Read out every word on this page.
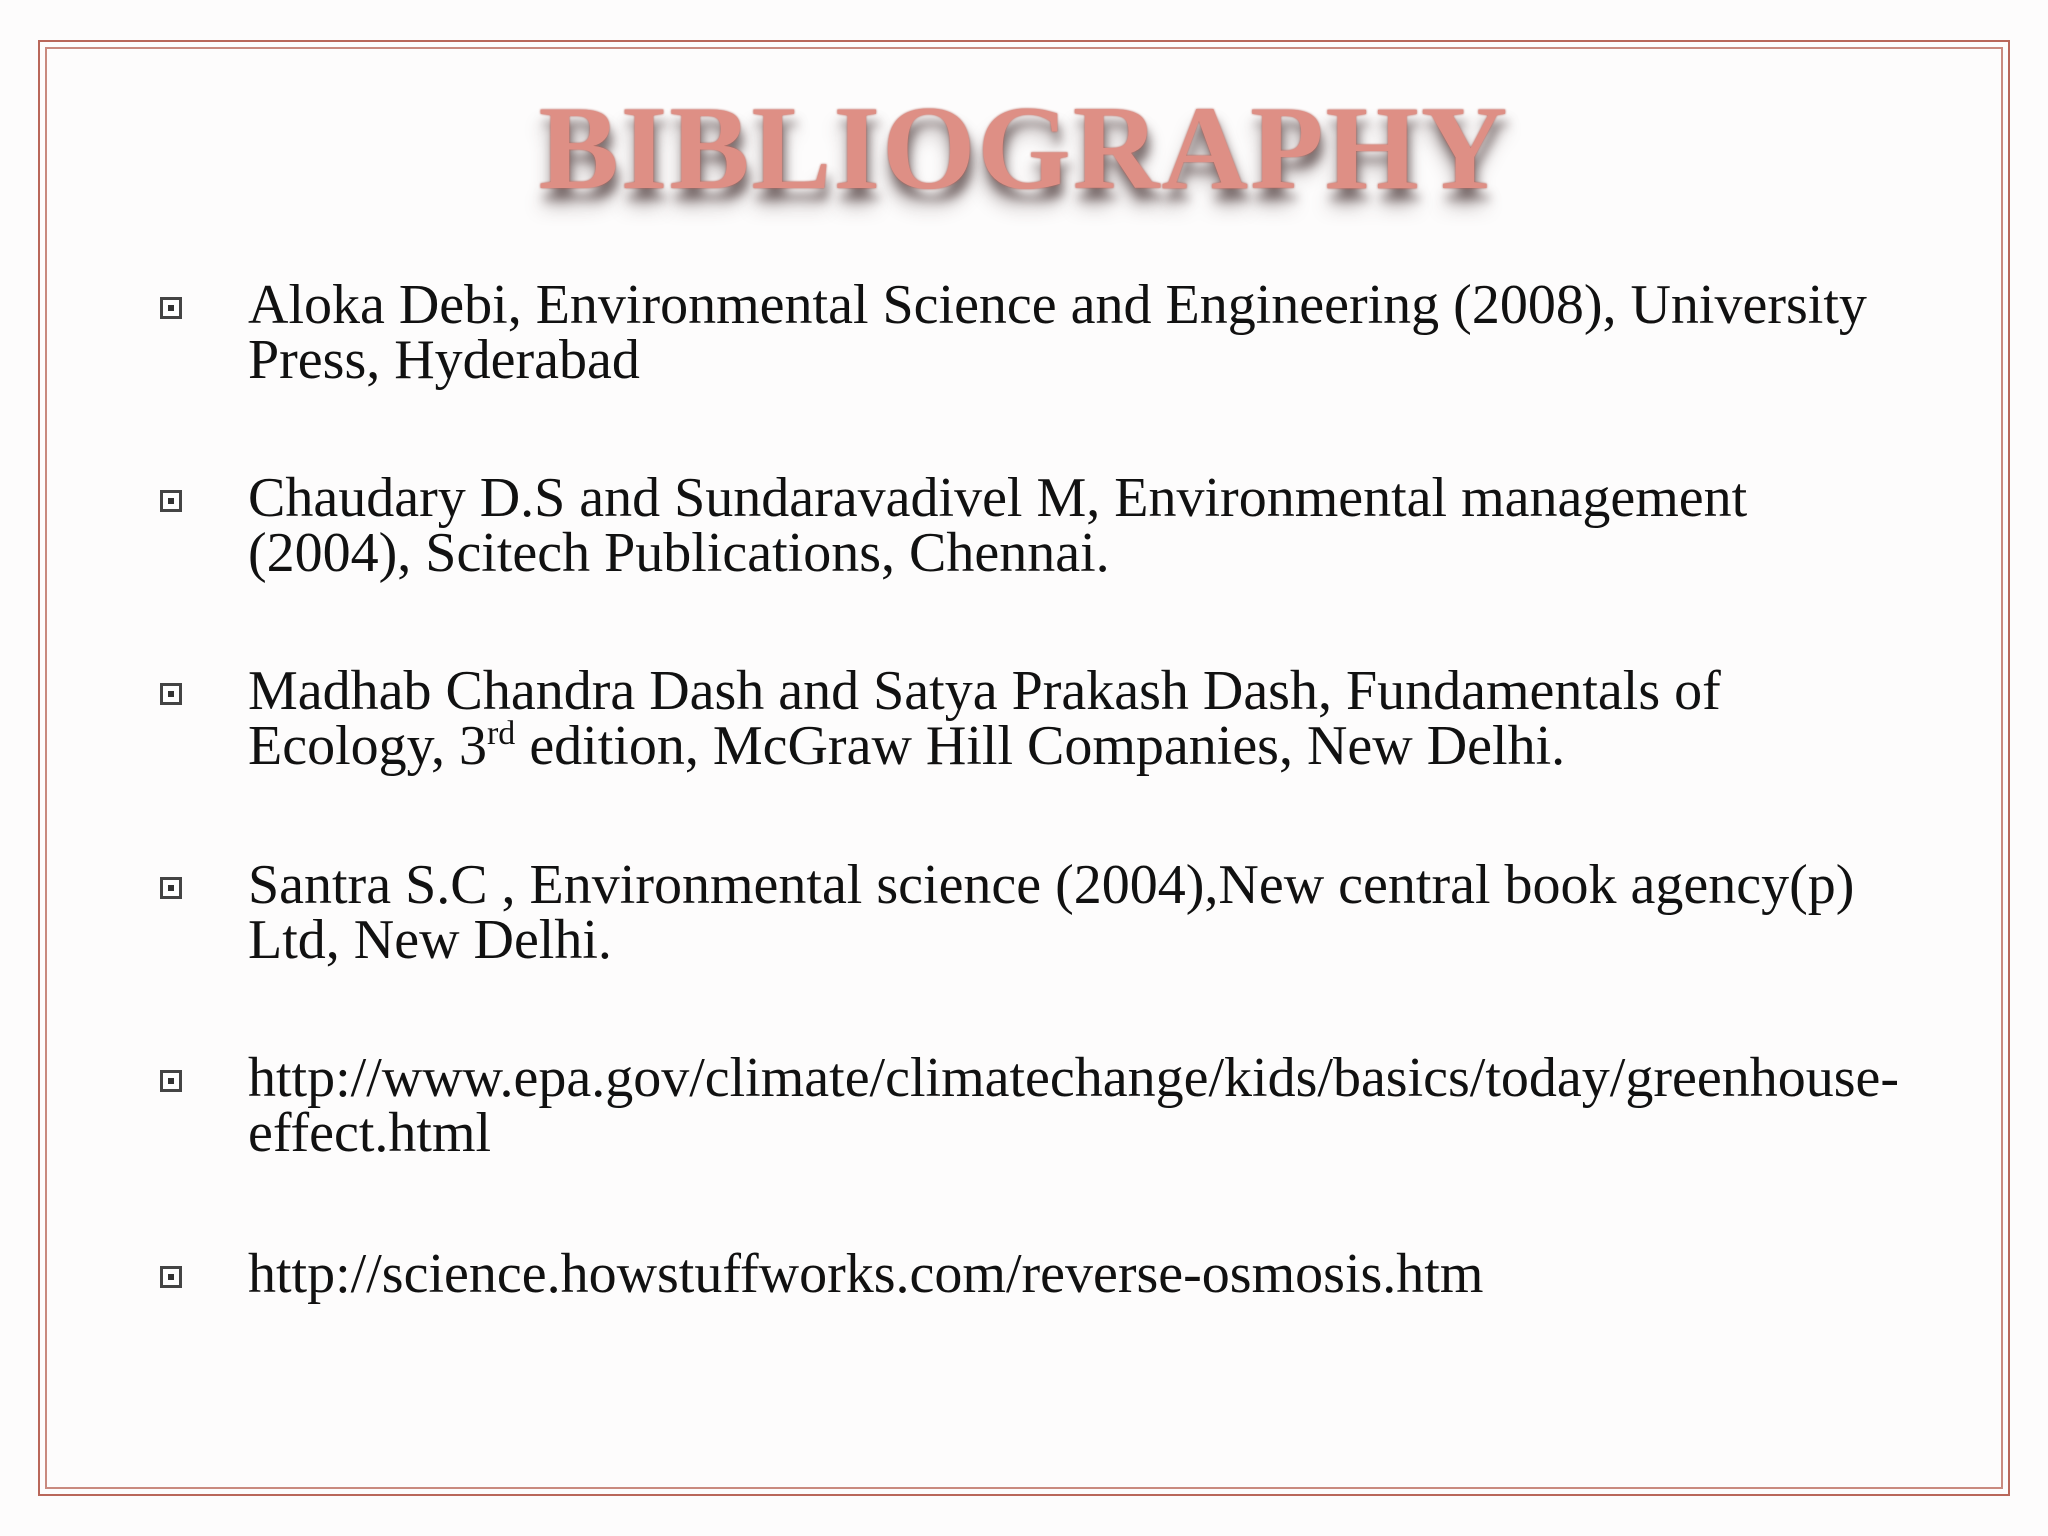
BIBLIOGRAPHY
Aloka Debi, Environmental Science and Engineering (2008), University
Press, Hyderabad
Chaudary D.S and Sundaravadivel M, Environmental management
(2004), Scitech Publications, Chennai.
Madhab Chandra Dash and Satya Prakash Dash, Fundamentals of
Ecology, 3rd edition, McGraw Hill Companies, New Delhi.
Santra S.C , Environmental science (2004),New central book agency(p)
Ltd, New Delhi.
http://www.epa.gov/climate/climatechange/kids/basics/today/greenhouse-
effect.html
http://science.howstuffworks.com/reverse-osmosis.htm
